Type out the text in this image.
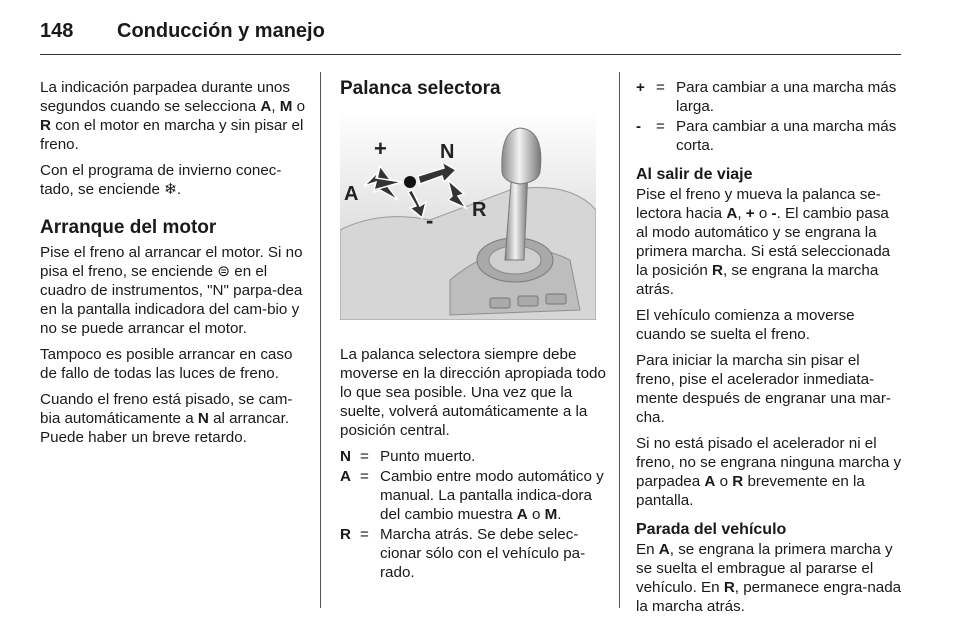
148 Conducción y manejo

La indicación parpadea durante unos segundos cuando se selecciona A, M o R con el motor en marcha y sin pisar el freno.

Con el programa de invierno conec-tado, se enciende ❄.

Arranque del motor

Pise el freno al arrancar el motor. Si no pisa el freno, se enciende ⊜ en el cuadro de instrumentos, "N" parpa-dea en la pantalla indicadora del cam-bio y no se puede arrancar el motor.

Tampoco es posible arrancar en caso de fallo de todas las luces de freno.

Cuando el freno está pisado, se cam-bia automáticamente a N al arrancar. Puede haber un breve retardo.

Palanca selectora
+	N
A
R
-

La palanca selectora siempre debe moverse en la dirección apropiada todo lo que sea posible. Una vez que la suelte, volverá automáticamente a la posición central.

N = Punto muerto.
A = Cambio entre modo automático y manual. La pantalla indica-dora del cambio muestra A o M.
R = Marcha atrás. Se debe selec-cionar sólo con el vehículo pa-rado.
+ = Para cambiar a una marcha más larga.
- = Para cambiar a una marcha más corta.
Al salir de viaje

Pise el freno y mueva la palanca se-lectora hacia A, + o -. El cambio pasa al modo automático y se engrana la primera marcha. Si está seleccionada la posición R, se engrana la marcha atrás.

El vehículo comienza a moverse cuando se suelta el freno.

Para iniciar la marcha sin pisar el freno, pise el acelerador inmediata-mente después de engranar una mar-cha.

Si no está pisado el acelerador ni el freno, no se engrana ninguna marcha y parpadea A o R brevemente en la pantalla.

Parada del vehículo

En A, se engrana la primera marcha y se suelta el embrague al pararse el vehículo. En R, permanece engra-nada la marcha atrás.
